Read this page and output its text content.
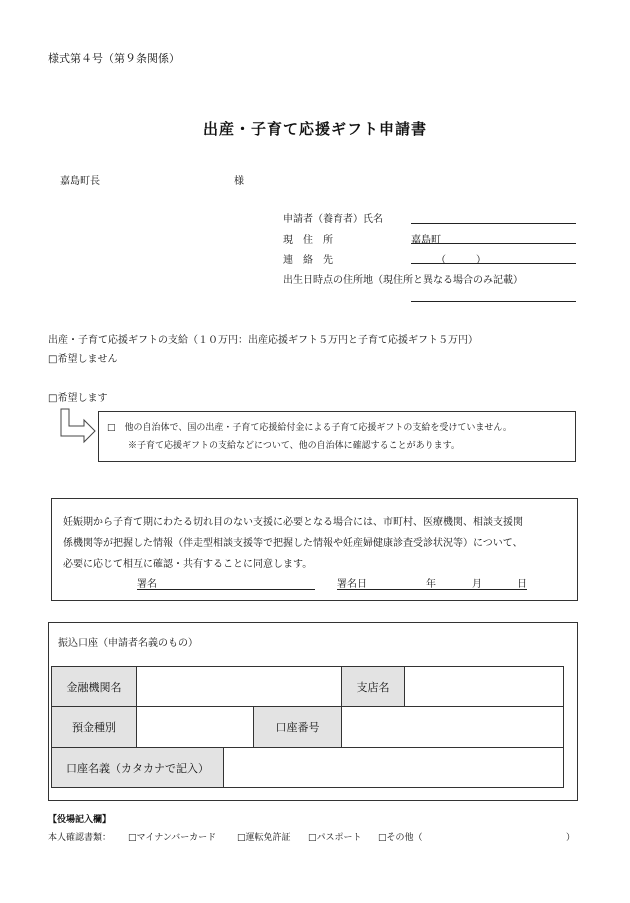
様式第４号（第９条関係）
出産・子育て応援ギフト申請書
嘉島町長	様
申請者（養育者）氏名
現　住　所	嘉島町
連　絡　先	（　　　）
出生日時点の住所地（現住所と異なる場合のみ記載）
出産・子育て応援ギフトの支給（１０万円：出産応援ギフト５万円と子育て応援ギフト５万円）
□希望しません
□希望します
□　他の自治体で、国の出産・子育て応援給付金による子育て応援ギフトの支給を受けていません。
※子育て応援ギフトの支給などについて、他の自治体に確認することがあります。
妊娠期から子育て期にわたる切れ目のない支援に必要となる場合には、市町村、医療機関、相談支援関
係機関等が把握した情報（伴走型相談支援等で把握した情報や妊産婦健康診査受診状況等）について、
必要に応じて相互に確認・共有することに同意します。
署名	署名日	年	月	日
振込口座（申請者名義のもの）
金融機関名	支店名
預金種別	口座番号
口座名義（カタカナで記入）
【役場記入欄】
本人確認書類： □マイナンバーカード □運転免許証 □パスポート □その他（	）
